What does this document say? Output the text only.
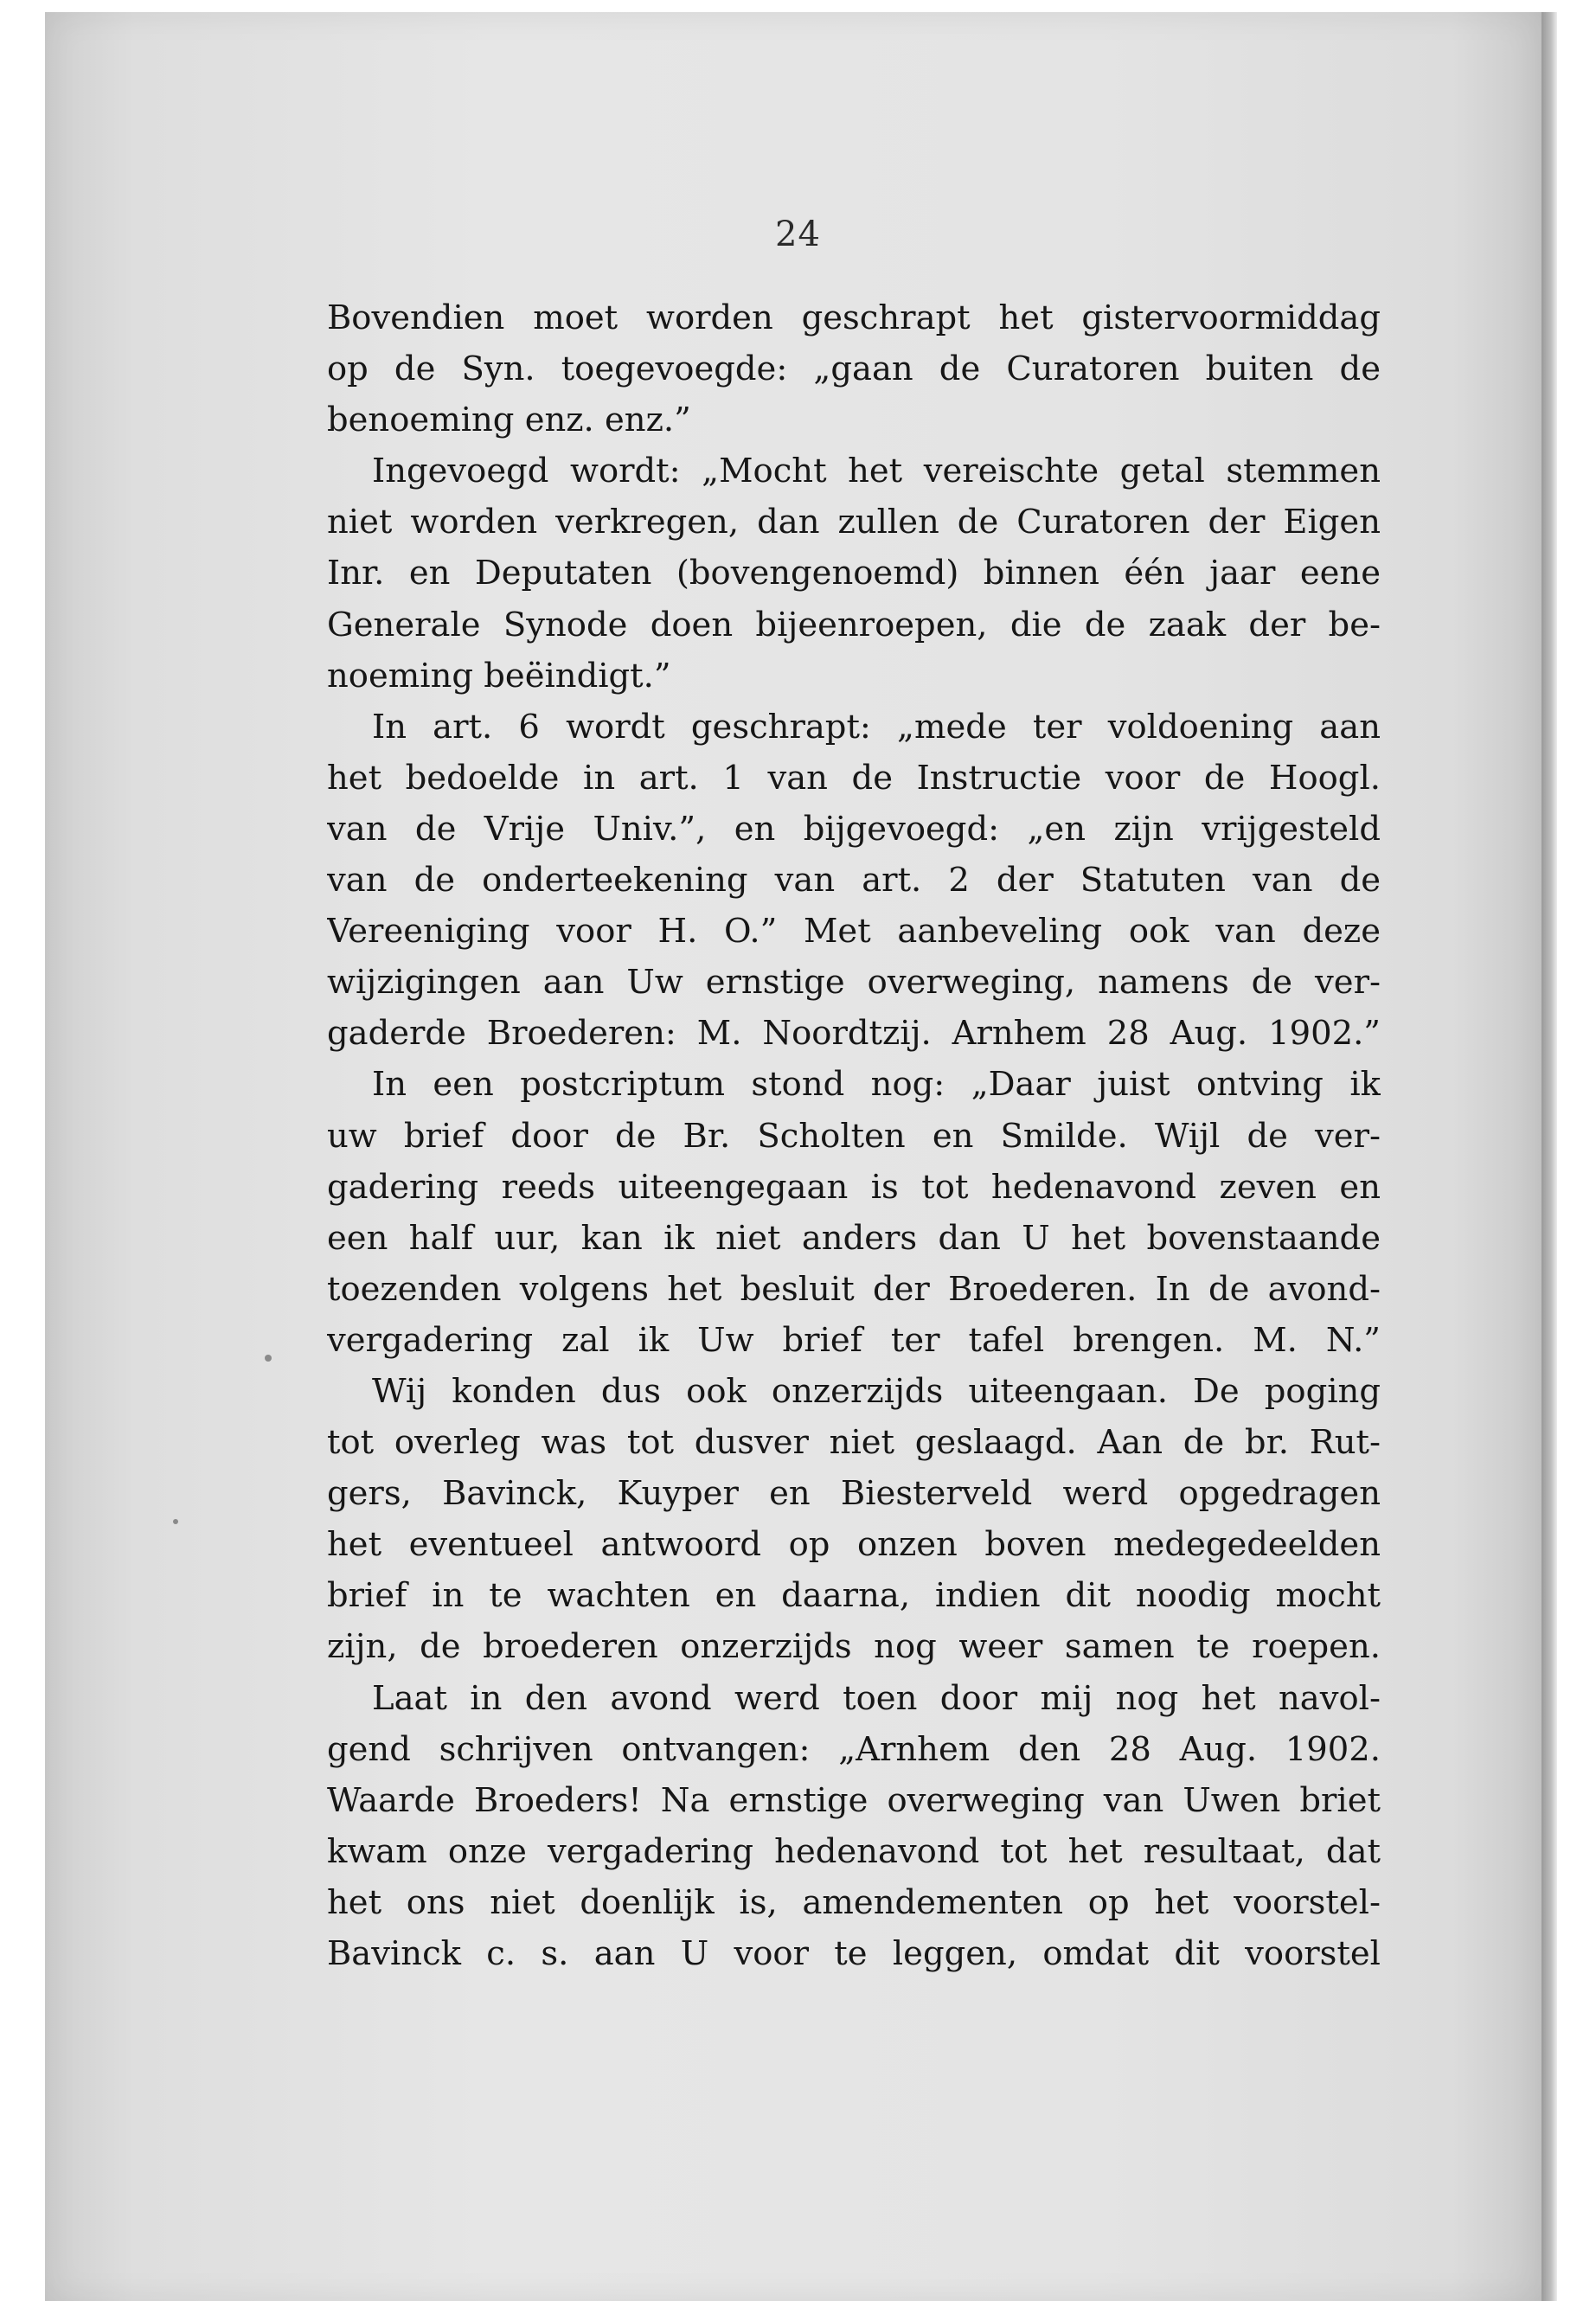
24
Bovendien moet worden geschrapt het gistervoormiddag
op de Syn. toegevoegde: „gaan de Curatoren buiten de
benoeming enz. enz.”
Ingevoegd wordt: „Mocht het vereischte getal stemmen
niet worden verkregen, dan zullen de Curatoren der Eigen
Inr. en Deputaten (bovengenoemd) binnen één jaar eene
Generale Synode doen bijeenroepen, die de zaak der be-
noeming beëindigt.”
In art. 6 wordt geschrapt: „mede ter voldoening aan
het bedoelde in art. 1 van de Instructie voor de Hoogl.
van de Vrije Univ.”, en bijgevoegd: „en zijn vrijgesteld
van de onderteekening van art. 2 der Statuten van de
Vereeniging voor H. O.” Met aanbeveling ook van deze
wijzigingen aan Uw ernstige overweging, namens de ver-
gaderde Broederen: M. Noordtzij. Arnhem 28 Aug. 1902.”
In een postcriptum stond nog: „Daar juist ontving ik
uw brief door de Br. Scholten en Smilde. Wijl de ver-
gadering reeds uiteengegaan is tot hedenavond zeven en
een half uur, kan ik niet anders dan U het bovenstaande
toezenden volgens het besluit der Broederen. In de avond-
vergadering zal ik Uw brief ter tafel brengen. M. N.”
Wij konden dus ook onzerzijds uiteengaan. De poging
tot overleg was tot dusver niet geslaagd. Aan de br. Rut-
gers, Bavinck, Kuyper en Biesterveld werd opgedragen
het eventueel antwoord op onzen boven medegedeelden
brief in te wachten en daarna, indien dit noodig mocht
zijn, de broederen onzerzijds nog weer samen te roepen.
Laat in den avond werd toen door mij nog het navol-
gend schrijven ontvangen: „Arnhem den 28 Aug. 1902.
Waarde Broeders! Na ernstige overweging van Uwen briet
kwam onze vergadering hedenavond tot het resultaat, dat
het ons niet doenlijk is, amendementen op het voorstel-
Bavinck c. s. aan U voor te leggen, omdat dit voorstel
